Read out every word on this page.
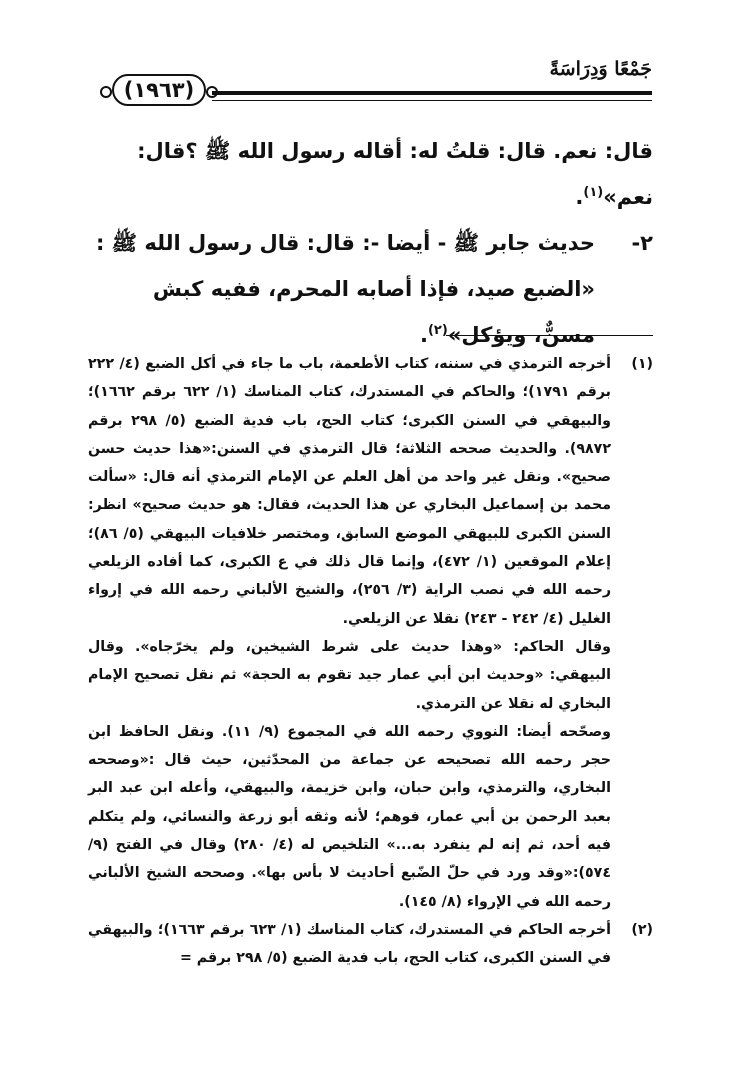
جَمْعًا وَدِرَاسَةً
(١٩٦٣)

قال: نعم. قال: قلتُ له: أقاله رسول الله ﷺ ؟قال: نعم»$^{(١)}$.

٢-
حديث جابر ﷺ - أيضا -: قال: قال رسول الله ﷺ : «الضبع صيد، فإذا أصابه المحرم، ففيه كبش مسنٌّ، ويؤكل»$^{(٢)}$.
(١)

أخرجه الترمذي في سننه، كتاب الأطعمة، باب ما جاء في أكل الضبع (٤/ ٢٢٢ برقم ١٧٩١)؛ والحاكم في المستدرك، كتاب المناسك (١/ ٦٢٢ برقم ١٦٦٢)؛ والبيهقي في السنن الكبرى؛ كتاب الحج، باب فدية الضبع (٥/ ٢٩٨ برقم ٩٨٧٢). والحديث صححه الثلاثة؛ قال الترمذي في السنن:«هذا حديث حسن صحيح». ونقل غير واحد من أهل العلم عن الإمام الترمذي أنه قال: «سألت محمد بن إسماعيل البخاري عن هذا الحديث، فقال: هو حديث صحيح» انظر: السنن الكبرى للبيهقي الموضع السابق، ومختصر خلافيات البيهقي (٥/ ٨٦)؛ إعلام الموقعين (١/ ٤٧٢)، وإنما قال ذلك في ع الكبرى، كما أفاده الزيلعي رحمه الله في نصب الراية (٣/ ٢٥٦)، والشيخ الألباني رحمه الله في إرواء الغليل (٤/ ٢٤٢ - ٢٤٣) نقلا عن الزيلعي.

وقال الحاكم: «وهذا حديث على شرط الشيخين، ولم يخرّجاه». وقال البيهقي: «وحديث ابن أبي عمار جيد تقوم به الحجة» ثم نقل تصحيح الإمام البخاري له نقلا عن الترمذي.

وصحّحه أيضا: النووي رحمه الله في المجموع (٩/ ١١). ونقل الحافظ ابن حجر رحمه الله تصحيحه عن جماعة من المحدّثين، حيث قال :«وصححه البخاري، والترمذي، وابن حبان، وابن خزيمة، والبيهقي، وأعله ابن عبد البر بعبد الرحمن بن أبي عمار، فوهم؛ لأنه وثقه أبو زرعة والنسائي، ولم يتكلم فيه أحد، ثم إنه لم ينفرد به...» التلخيص له (٤/ ٢٨٠) وقال في الفتح (٩/ ٥٧٤):«وقد ورد في حلّ الضّبع أحاديث لا بأس بها». وصححه الشيخ الألباني رحمه الله في الإرواء (٨/ ١٤٥).

(٢)

أخرجه الحاكم في المستدرك، كتاب المناسك (١/ ٦٢٣ برقم ١٦٦٣)؛ والبيهقي في السنن الكبرى، كتاب الحج، باب فدية الضبع (٥/ ٢٩٨ برقم =
